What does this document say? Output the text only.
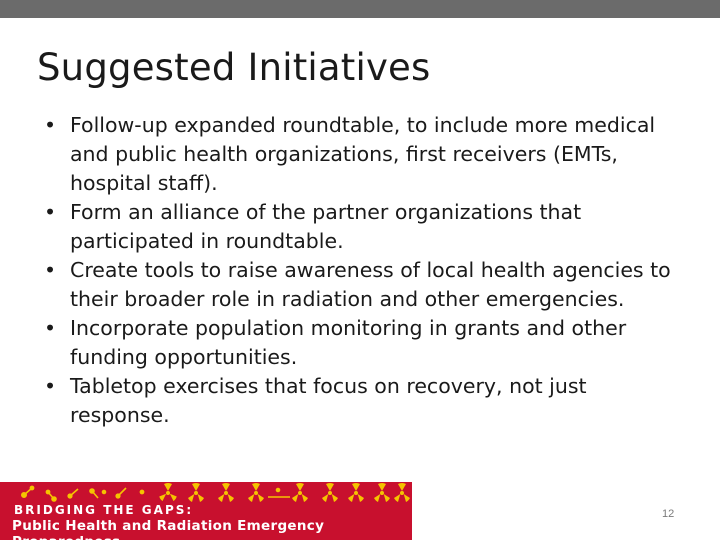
Suggested Initiatives
• Follow-up expanded roundtable, to include more medical and public health organizations, first receivers (EMTs, hospital staff).
• Form an alliance of the partner organizations that participated in roundtable.
• Create tools to raise awareness of local health agencies to their broader role in radiation and other emergencies.
• Incorporate population monitoring in grants and other funding opportunities.
• Tabletop exercises that focus on recovery, not just response.
BRIDGING THE GAPS:
Public Health and Radiation Emergency Preparedness
12
